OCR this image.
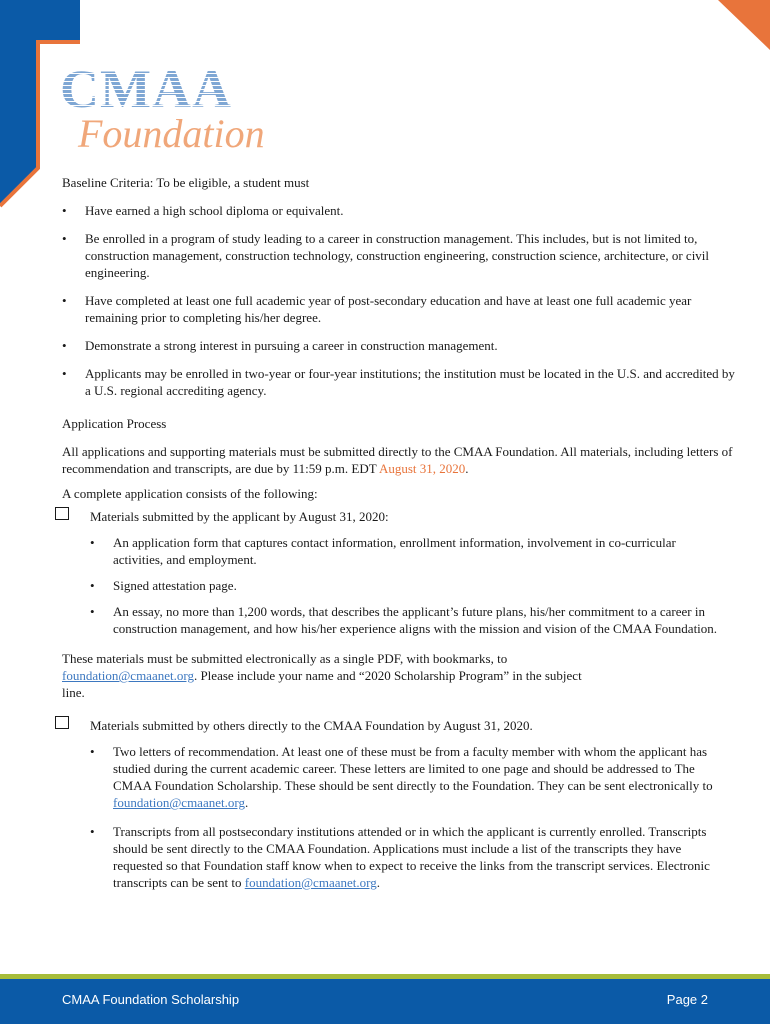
CMAA
Foundation

Baseline Criteria: To be eligible, a student must

• Have earned a high school diploma or equivalent.
• Be enrolled in a program of study leading to a career in construction management. This includes, but is not limited to, construction management, construction technology, construction engineering, construction science, architecture, or civil engineering.
• Have completed at least one full academic year of post-secondary education and have at least one full academic year remaining prior to completing his/her degree.
• Demonstrate a strong interest in pursuing a career in construction management.
• Applicants may be enrolled in two-year or four-year institutions; the institution must be located in the U.S. and accredited by a U.S. regional accrediting agency.

Application Process

All applications and supporting materials must be submitted directly to the CMAA Foundation. All materials, including letters of recommendation and transcripts, are due by 11:59 p.m. EDT August 31, 2020.

A complete application consists of the following:

Materials submitted by the applicant by August 31, 2020:
• An application form that captures contact information, enrollment information, involvement in co-curricular activities, and employment.
• Signed attestation page.
• An essay, no more than 1,200 words, that describes the applicant’s future plans, his/her commitment to a career in construction management, and how his/her experience aligns with the mission and vision of the CMAA Foundation.

These materials must be submitted electronically as a single PDF, with bookmarks, to foundation@cmaanet.org. Please include your name and “2020 Scholarship Program” in the subject line.

Materials submitted by others directly to the CMAA Foundation by August 31, 2020.
• Two letters of recommendation. At least one of these must be from a faculty member with whom the applicant has studied during the current academic career. These letters are limited to one page and should be addressed to The CMAA Foundation Scholarship. These should be sent directly to the Foundation. They can be sent electronically to foundation@cmaanet.org.
• Transcripts from all postsecondary institutions attended or in which the applicant is currently enrolled. Transcripts should be sent directly to the CMAA Foundation. Applications must include a list of the transcripts they have requested so that Foundation staff know when to expect to receive the links from the transcript services. Electronic transcripts can be sent to foundation@cmaanet.org.
CMAA Foundation Scholarship	Page 2
